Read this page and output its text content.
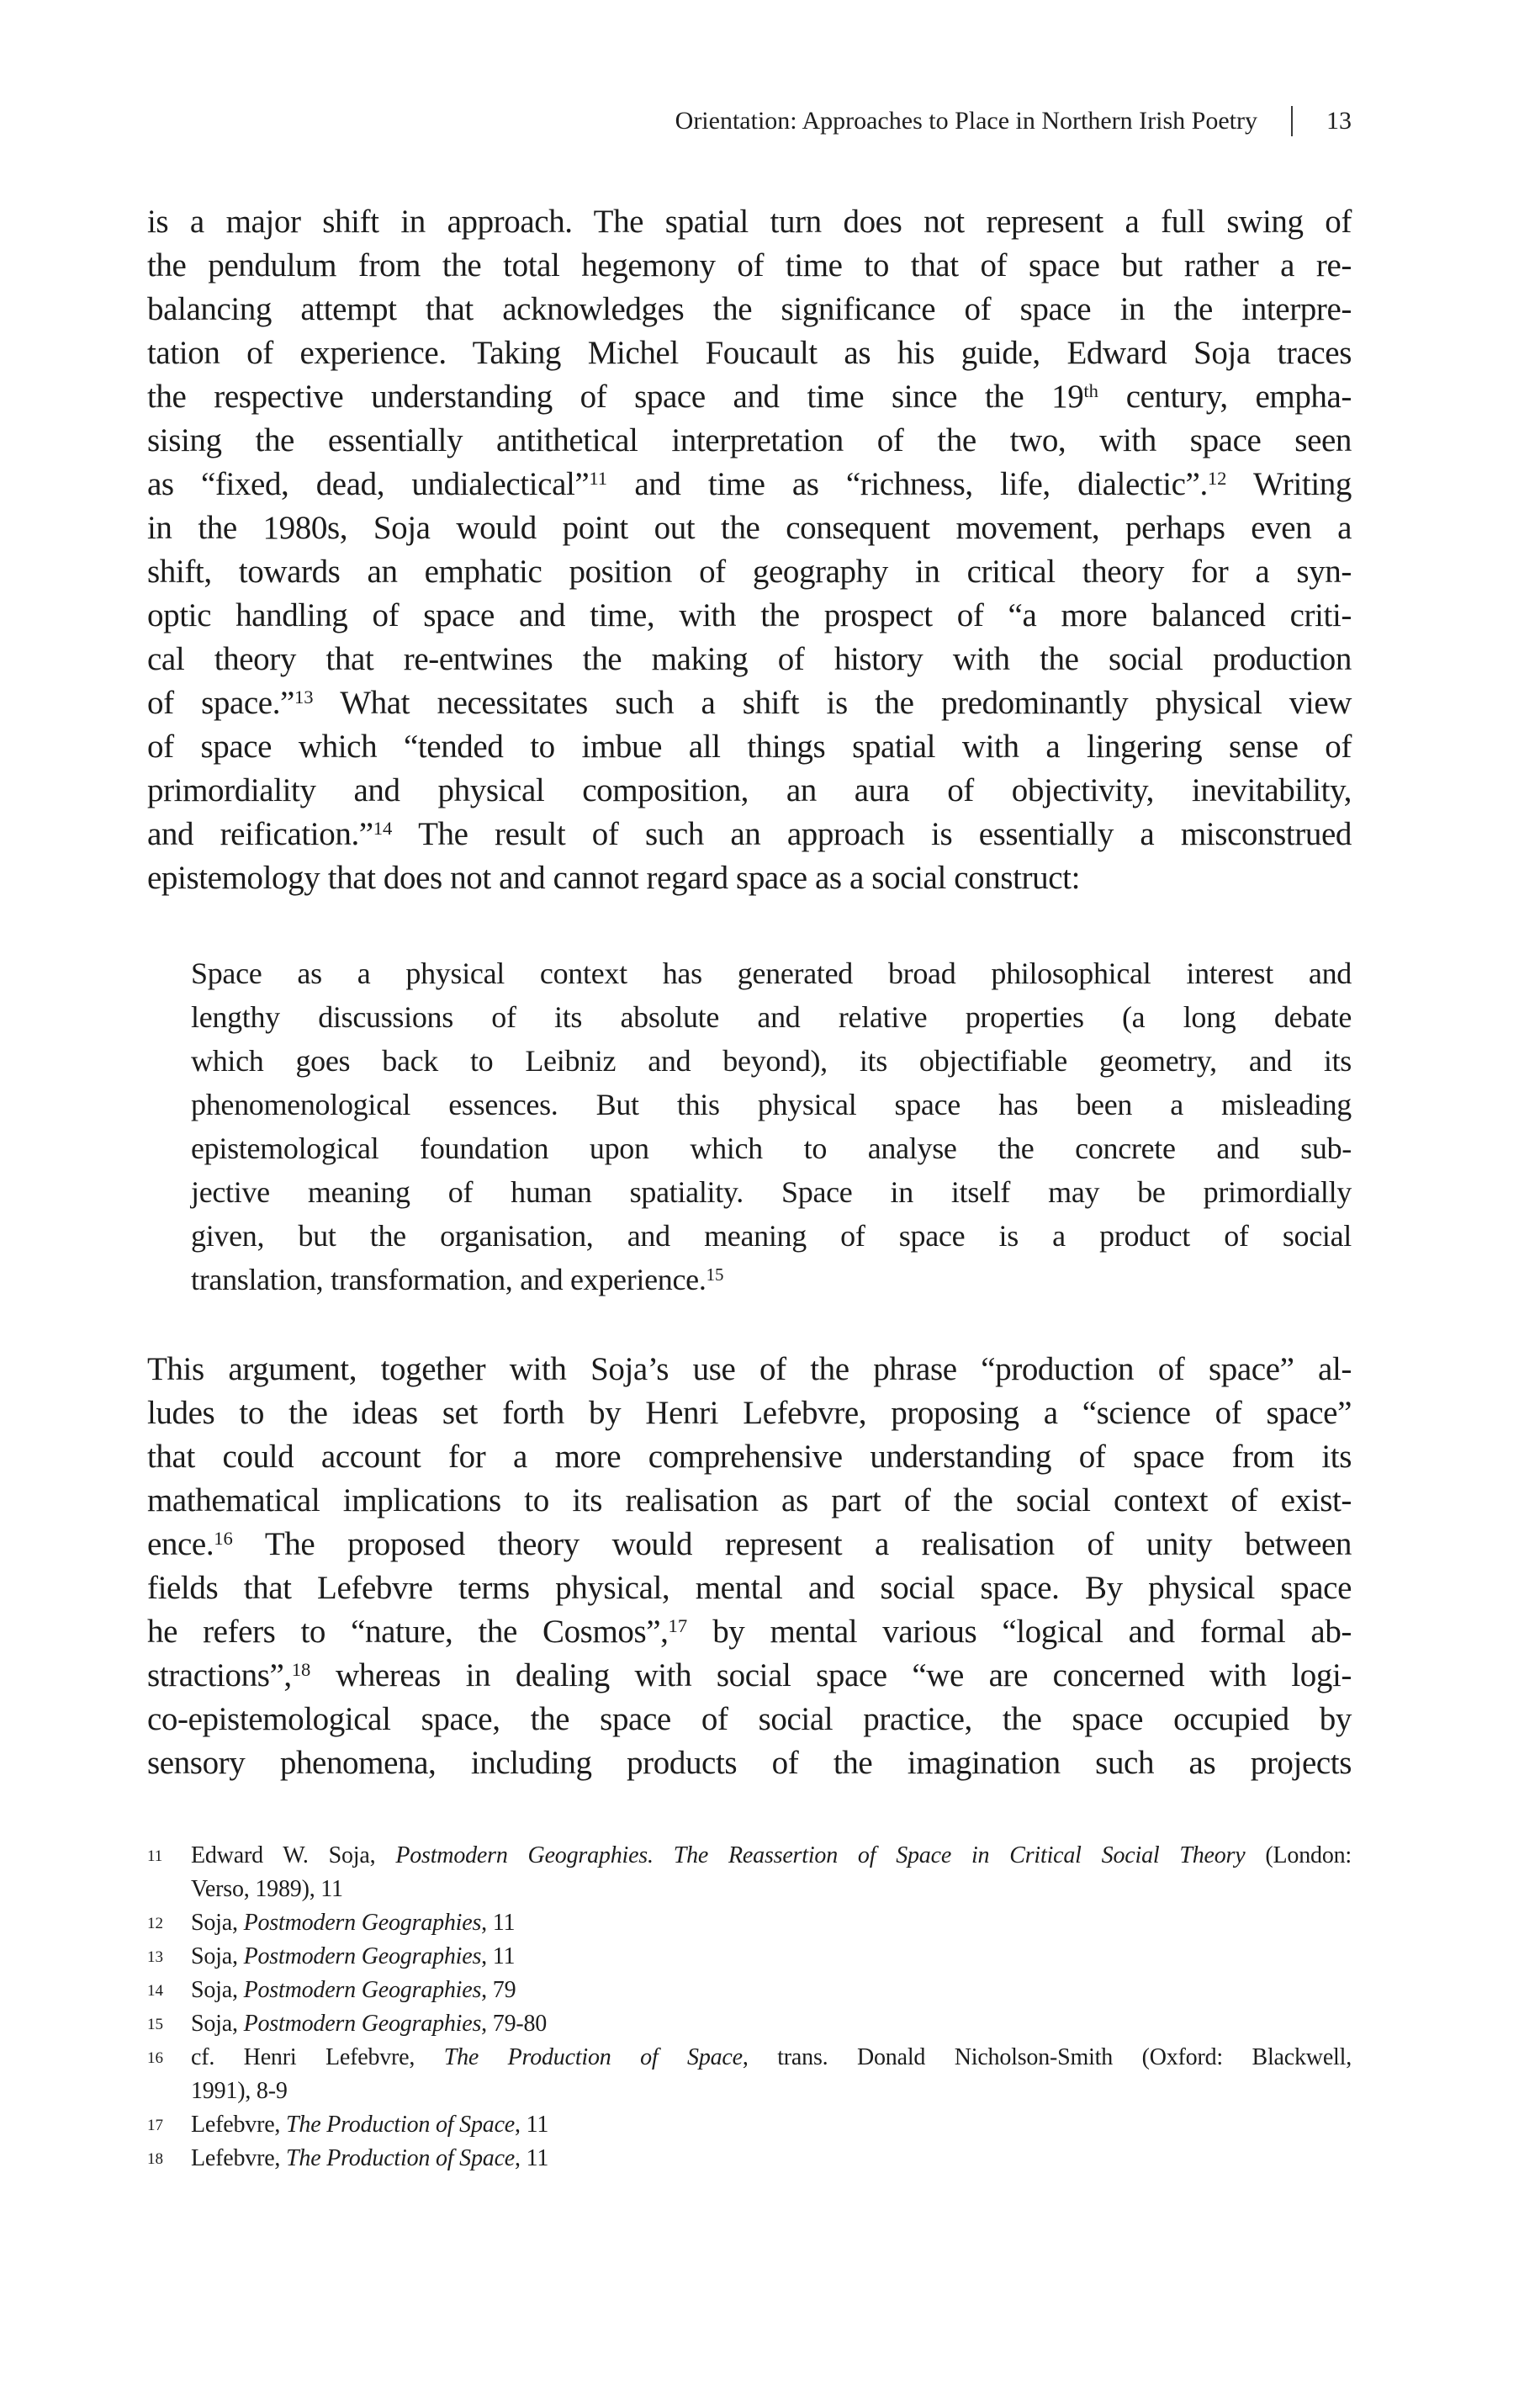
Orientation: Approaches to Place in Northern Irish Poetry	13
is a major shift in approach. The spatial turn does not represent a full swing of
the pendulum from the total hegemony of time to that of space but rather a re-
balancing attempt that acknowledges the significance of space in the interpre-
tation of experience. Taking Michel Foucault as his guide, Edward Soja traces
the respective understanding of space and time since the 19th century, empha-
sising the essentially antithetical interpretation of the two, with space seen
as “fixed, dead, undialectical”$^{11}$ and time as “richness, life, dialectic”.$^{12}$ Writing
in the 1980s, Soja would point out the consequent movement, perhaps even a
shift, towards an emphatic position of geography in critical theory for a syn-
optic handling of space and time, with the prospect of “a more balanced criti-
cal theory that re-entwines the making of history with the social production
of space.”$^{13}$ What necessitates such a shift is the predominantly physical view
of space which “tended to imbue all things spatial with a lingering sense of
primordiality and physical composition, an aura of objectivity, inevitability,
and reification.”$^{14}$ The result of such an approach is essentially a misconstrued
epistemology that does not and cannot regard space as a social construct:
Space as a physical context has generated broad philosophical interest and
lengthy discussions of its absolute and relative properties (a long debate
which goes back to Leibniz and beyond), its objectifiable geometry, and its
phenomenological essences. But this physical space has been a misleading
epistemological foundation upon which to analyse the concrete and sub-
jective meaning of human spatiality. Space in itself may be primordially
given, but the organisation, and meaning of space is a product of social
translation, transformation, and experience.$^{15}$
This argument, together with Soja’s use of the phrase “production of space” al-
ludes to the ideas set forth by Henri Lefebvre, proposing a “science of space”
that could account for a more comprehensive understanding of space from its
mathematical implications to its realisation as part of the social context of exist-
ence.$^{16}$ The proposed theory would represent a realisation of unity between
fields that Lefebvre terms physical, mental and social space. By physical space
he refers to “nature, the Cosmos”,$^{17}$ by mental various “logical and formal ab-
stractions”,$^{18}$ whereas in dealing with social space “we are concerned with logi-
co-epistemological space, the space of social practice, the space occupied by
sensory phenomena, including products of the imagination such as projects
11 Edward W. Soja, Postmodern Geographies. The Reassertion of Space in Critical Social Theory (London:
Verso, 1989), 11
12 Soja, Postmodern Geographies, 11
13 Soja, Postmodern Geographies, 11
14 Soja, Postmodern Geographies, 79
15 Soja, Postmodern Geographies, 79-80
16 cf. Henri Lefebvre, The Production of Space, trans. Donald Nicholson-Smith (Oxford: Blackwell,
1991), 8-9
17 Lefebvre, The Production of Space, 11
18 Lefebvre, The Production of Space, 11
